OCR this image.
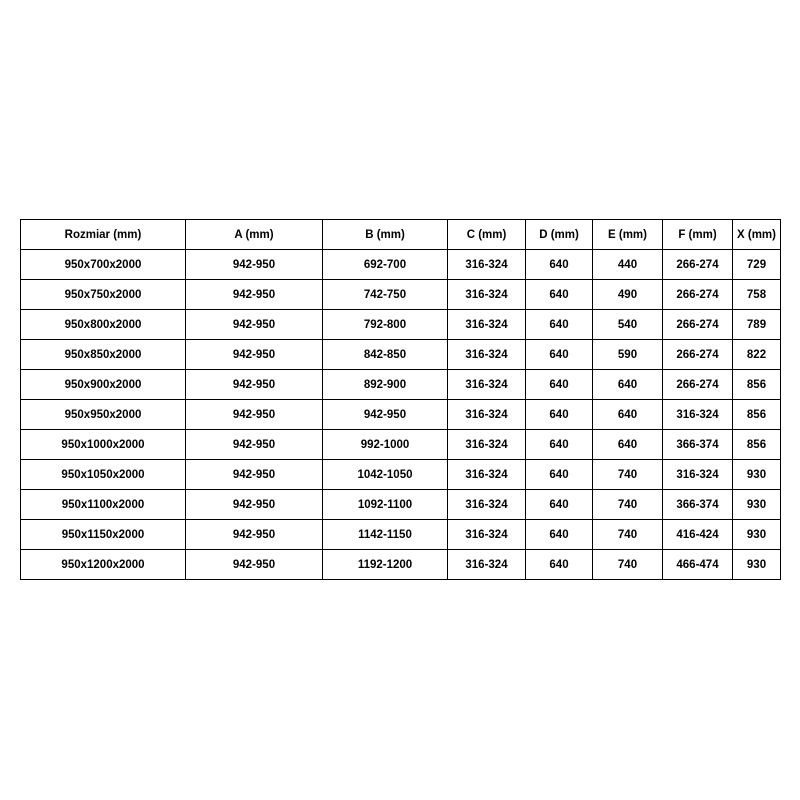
Rozmiar (mm)	A (mm)	B (mm)	C (mm)	D (mm)	E (mm)	F (mm)	X (mm)
950x700x2000	942-950	692-700	316-324	640	440	266-274	729
950x750x2000	942-950	742-750	316-324	640	490	266-274	758
950x800x2000	942-950	792-800	316-324	640	540	266-274	789
950x850x2000	942-950	842-850	316-324	640	590	266-274	822
950x900x2000	942-950	892-900	316-324	640	640	266-274	856
950x950x2000	942-950	942-950	316-324	640	640	316-324	856
950x1000x2000	942-950	992-1000	316-324	640	640	366-374	856
950x1050x2000	942-950	1042-1050	316-324	640	740	316-324	930
950x1100x2000	942-950	1092-1100	316-324	640	740	366-374	930
950x1150x2000	942-950	1142-1150	316-324	640	740	416-424	930
950x1200x2000	942-950	1192-1200	316-324	640	740	466-474	930
